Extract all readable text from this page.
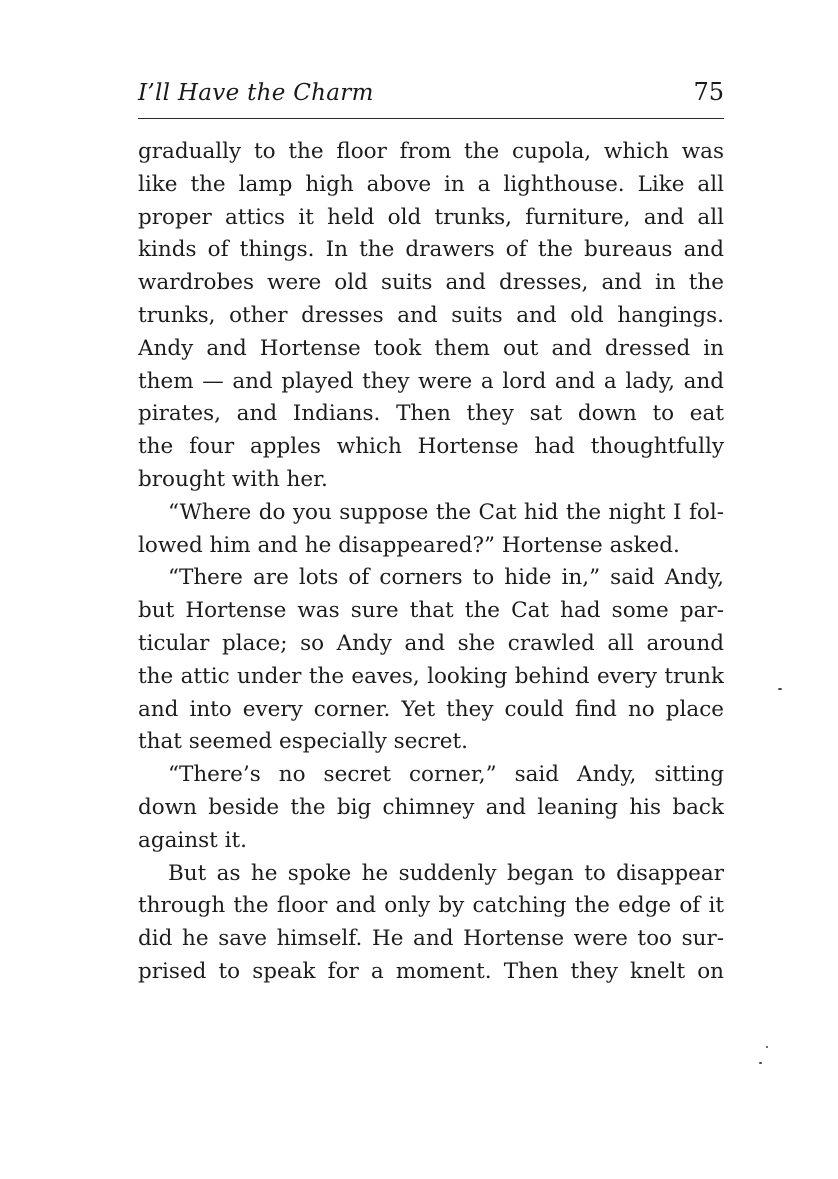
I’ll Have the Charm	75
gradually to the floor from the cupola, which was
like the lamp high above in a lighthouse. Like all
proper attics it held old trunks, furniture, and all
kinds of things. In the drawers of the bureaus and
wardrobes were old suits and dresses, and in the
trunks, other dresses and suits and old hangings.
Andy and Hortense took them out and dressed in
them — and played they were a lord and a lady, and
pirates, and Indians. Then they sat down to eat
the four apples which Hortense had thoughtfully
brought with her.
“Where do you suppose the Cat hid the night I fol-
lowed him and he disappeared?” Hortense asked.
“There are lots of corners to hide in,” said Andy,
but Hortense was sure that the Cat had some par-
ticular place; so Andy and she crawled all around
the attic under the eaves, looking behind every trunk
and into every corner. Yet they could find no place
that seemed especially secret.
“There’s no secret corner,” said Andy, sitting
down beside the big chimney and leaning his back
against it.
But as he spoke he suddenly began to disappear
through the floor and only by catching the edge of it
did he save himself. He and Hortense were too sur-
prised to speak for a moment. Then they knelt on
